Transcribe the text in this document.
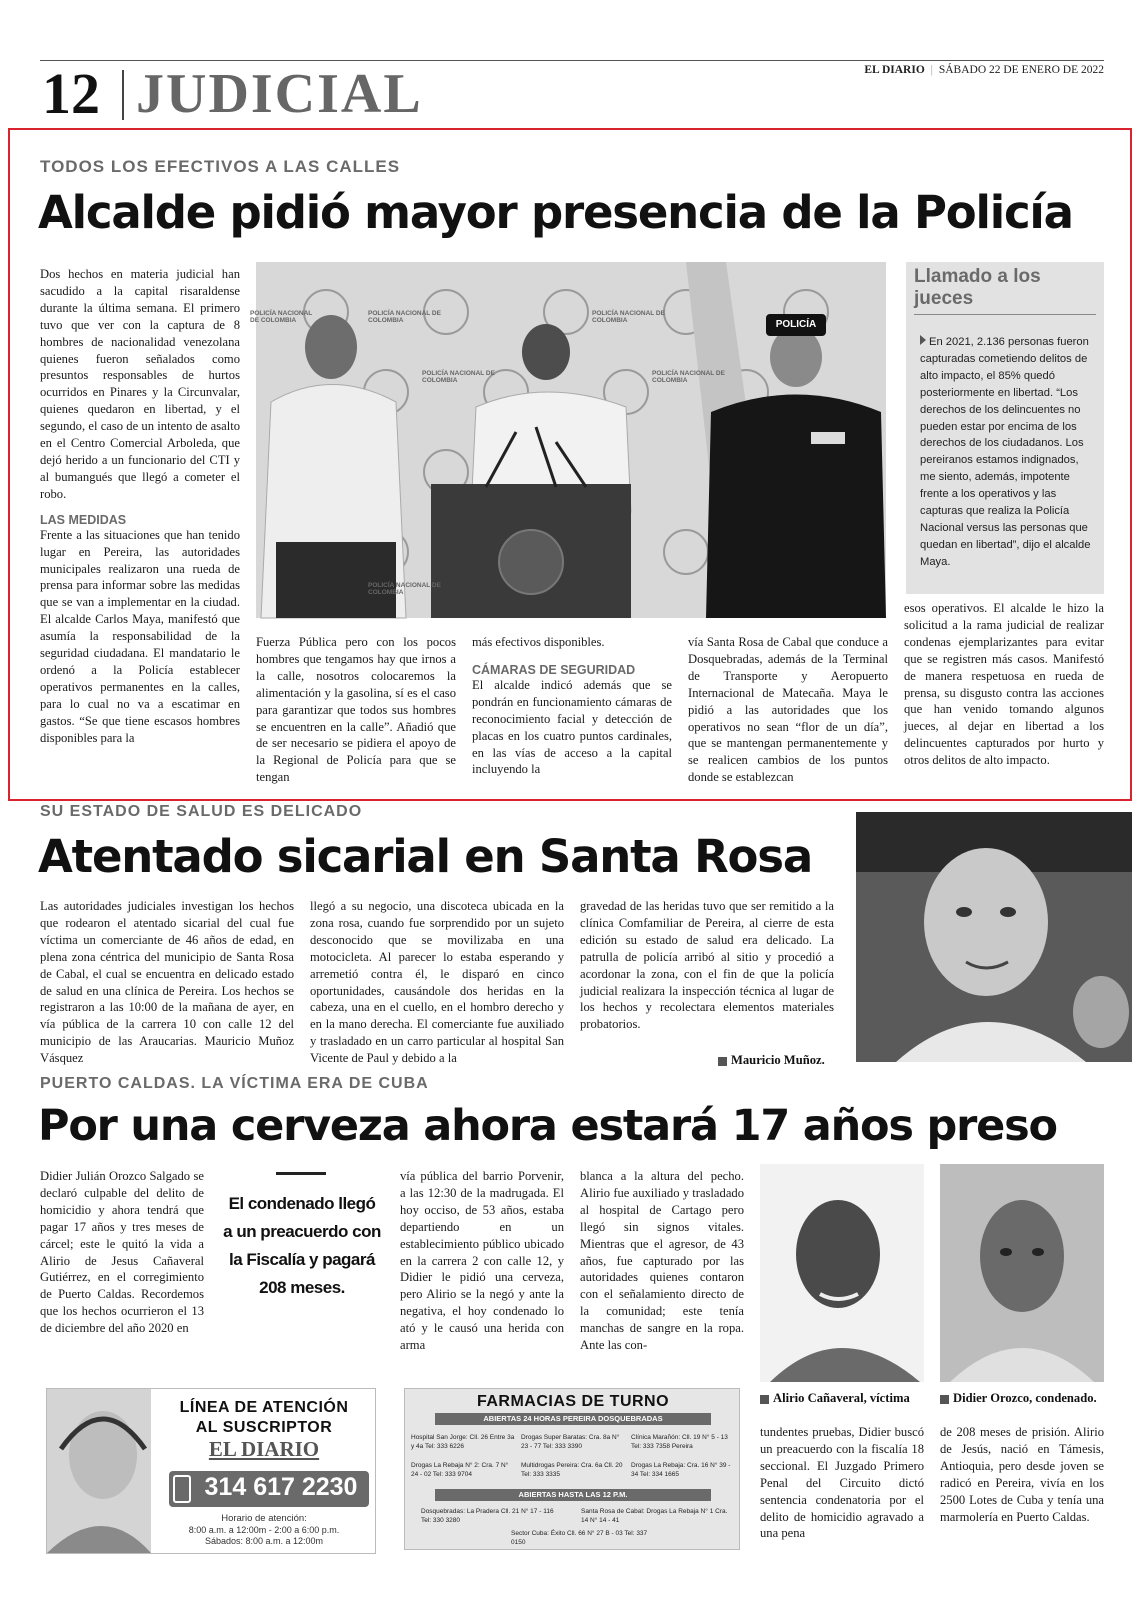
12 JUDICIAL	EL DIARIO | SÁBADO 22 DE ENERO DE 2022
TODOS LOS EFECTIVOS A LAS CALLES
Alcalde pidió mayor presencia de la Policía

Dos hechos en materia judicial han sacudido a la capital risaraldense durante la última semana. El primero tuvo que ver con la captura de 8 hombres de nacionalidad venezolana quienes fueron señalados como presuntos responsables de hurtos ocurridos en Pinares y la Circunvalar, quienes quedaron en libertad, y el segundo, el caso de un intento de asalto en el Centro Comercial Arboleda, que dejó herido a un funcionario del CTI y al bumangués que llegó a cometer el robo.

LAS MEDIDAS

Frente a las situaciones que han tenido lugar en Pereira, las autoridades municipales realizaron una rueda de prensa para informar sobre las medidas que se van a implementar en la ciudad. El alcalde Carlos Maya, manifestó que asumía la responsabilidad de la seguridad ciudadana. El mandatario le ordenó a la Policía establecer operativos permanentes en la calles, para lo cual no va a escatimar en gastos. “Se que tiene escasos hombres disponibles para la

POLICÍA NACIONAL DE COLOMBIA
POLICÍA NACIONAL DE COLOMBIA
POLICÍA NACIONAL DE COLOMBIA
POLICÍA NACIONAL DE COLOMBIA
POLICÍA NACIONAL DE COLOMBIA
POLICÍA NACIONAL DE COLOMBIA
POLICÍA
Llamado a los jueces
En 2021, 2.136 personas fueron capturadas cometiendo delitos de alto impacto, el 85% quedó posteriormente en libertad. “Los derechos de los delincuentes no pueden estar por encima de los derechos de los ciudadanos. Los pereiranos estamos indignados, me siento, además, impotente frente a los operativos y las capturas que realiza la Policía Nacional versus las personas que quedan en libertad”, dijo el alcalde Maya.

Fuerza Pública pero con los pocos hombres que tengamos hay que irnos a la calle, nosotros colocaremos la alimentación y la gasolina, sí es el caso para garantizar que todos sus hombres se encuentren en la calle”. Añadió que de ser necesario se pidiera el apoyo de la Regional de Policía para que se tengan

más efectivos disponibles.

CÁMARAS DE SEGURIDAD

El alcalde indicó además que se pondrán en funcionamiento cámaras de reconocimiento facial y detección de placas en los cuatro puntos cardinales, en las vías de acceso a la capital incluyendo la

vía Santa Rosa de Cabal que conduce a Dosquebradas, además de la Terminal de Transporte y Aeropuerto Internacional de Matecaña. Maya le pidió a las autoridades que los operativos no sean “flor de un día”, que se mantengan permanentemente y se realicen cambios de los puntos donde se establezcan

esos operativos. El alcalde le hizo la solicitud a la rama judicial de realizar condenas ejemplarizantes para evitar que se registren más casos. Manifestó de manera respetuosa en rueda de prensa, su disgusto contra las acciones que han venido tomando algunos jueces, al dejar en libertad a los delincuentes capturados por hurto y otros delitos de alto impacto.

SU ESTADO DE SALUD ES DELICADO
Atentado sicarial en Santa Rosa

Las autoridades judiciales investigan los hechos que rodearon el atentado sicarial del cual fue víctima un comerciante de 46 años de edad, en plena zona céntrica del municipio de Santa Rosa de Cabal, el cual se encuentra en delicado estado de salud en una clínica de Pereira. Los hechos se registraron a las 10:00 de la mañana de ayer, en vía pública de la carrera 10 con calle 12 del municipio de las Araucarias. Mauricio Muñoz Vásquez

llegó a su negocio, una discoteca ubicada en la zona rosa, cuando fue sorprendido por un sujeto desconocido que se movilizaba en una motocicleta. Al parecer lo estaba esperando y arremetió contra él, le disparó en cinco oportunidades, causándole dos heridas en la cabeza, una en el cuello, en el hombro derecho y en la mano derecha. El comerciante fue auxiliado y trasladado en un carro particular al hospital San Vicente de Paul y debido a la

gravedad de las heridas tuvo que ser remitido a la clínica Comfamiliar de Pereira, al cierre de esta edición su estado de salud era delicado. La patrulla de policía arribó al sitio y procedió a acordonar la zona, con el fin de que la policía judicial realizara la inspección técnica al lugar de los hechos y recolectara elementos materiales probatorios.

Mauricio Muñoz.
PUERTO CALDAS. LA VÍCTIMA ERA DE CUBA
Por una cerveza ahora estará 17 años preso

Didier Julián Orozco Salgado se declaró culpable del delito de homicidio y ahora tendrá que pagar 17 años y tres meses de cárcel; este le quitó la vida a Alirio de Jesus Cañaveral Gutiérrez, en el corregimiento de Puerto Caldas. Recordemos que los hechos ocurrieron el 13 de diciembre del año 2020 en

El condenado llegó a un preacuerdo con la Fiscalía y pagará 208 meses.

vía pública del barrio Porvenir, a las 12:30 de la madrugada. El hoy occiso, de 53 años, estaba departiendo en un establecimiento público ubicado en la carrera 2 con calle 12, y Didier le pidió una cerveza, pero Alirio se la negó y ante la negativa, el hoy condenado lo ató y le causó una herida con arma

blanca a la altura del pecho. Alirio fue auxiliado y trasladado al hospital de Cartago pero llegó sin signos vitales. Mientras que el agresor, de 43 años, fue capturado por las autoridades quienes contaron con el señalamiento directo de la comunidad; este tenía manchas de sangre en la ropa. Ante las con-

Alirio Cañaveral, víctima

tundentes pruebas, Didier buscó un preacuerdo con la fiscalía 18 seccional. El Juzgado Primero Penal del Circuito dictó sentencia condenatoria por el delito de homicidio agravado a una pena

Didier Orozco, condenado.

de 208 meses de prisión. Alirio de Jesús, nació en Támesis, Antioquia, pero desde joven se radicó en Pereira, vivía en los 2500 Lotes de Cuba y tenía una marmolería en Puerto Caldas.

LÍNEA DE ATENCIÓN
AL SUSCRIPTOR
EL DIARIO
314 617 2230
Horario de atención:
8:00 a.m. a 12:00m - 2:00 a 6:00 p.m.
Sábados: 8:00 a.m. a 12:00m
FARMACIAS DE TURNO
ABIERTAS 24 HORAS PEREIRA DOSQUEBRADAS
Hospital San Jorge: Cll. 26 Entre 3a y 4a Tel: 333 6226
Drogas Super Baratas: Cra. 8a N° 23 - 77 Tel: 333 3390
Clínica Marañón: Cll. 19 N° 5 - 13 Tel: 333 7358 Pereira
Drogas La Rebaja N° 2: Cra. 7 N° 24 - 02 Tel: 333 9704
Multidrogas Pereira: Cra. 6a Cll. 20 Tel: 333 3335
Drogas La Rebaja: Cra. 16 N° 39 - 34 Tel: 334 1665
ABIERTAS HASTA LAS 12 P.M.
Dosquebradas: La Pradera Cll. 21 N° 17 - 116 Tel: 330 3280
Santa Rosa de Cabal: Drogas La Rebaja N° 1 Cra. 14 N° 14 - 41
Sector Cuba: Éxito Cll. 66 N° 27 B - 03 Tel: 337 0150
